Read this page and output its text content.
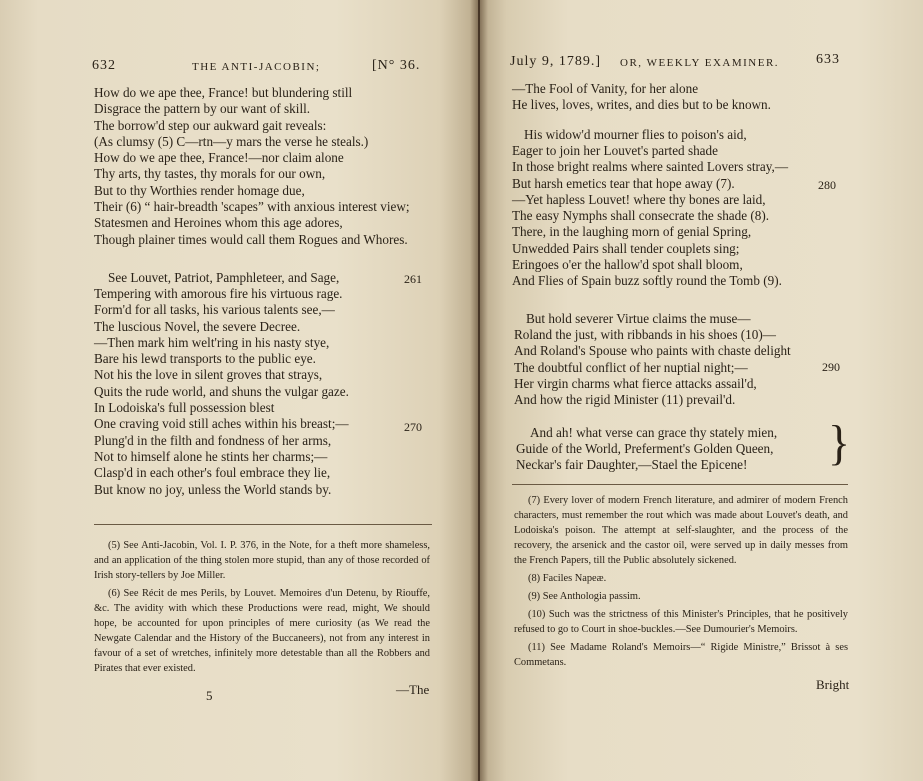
632	THE ANTI-JACOBIN;	[N° 36.
How do we ape thee, France! but blundering still
Disgrace the pattern by our want of skill.
The borrow'd step our aukward gait reveals:
(As clumsy (5) C—rtn—y mars the verse he steals.)
How do we ape thee, France!—nor claim alone
Thy arts, thy tastes, thy morals for our own,
But to thy Worthies render homage due,
Their (6) “ hair-breadth 'scapes” with anxious interest view;
Statesmen and Heroines whom this age adores,
Though plainer times would call them Rogues and Whores.
See Louvet, Patriot, Pamphleteer, and Sage,
Tempering with amorous fire his virtuous rage.
Form'd for all tasks, his various talents see,—
The luscious Novel, the severe Decree.
—Then mark him welt'ring in his nasty stye,
Bare his lewd transports to the public eye.
Not his the love in silent groves that strays,
Quits the rude world, and shuns the vulgar gaze.
In Lodoiska's full possession blest
One craving void still aches within his breast;—
Plung'd in the filth and fondness of her arms,
Not to himself alone he stints her charms;—
Clasp'd in each other's foul embrace they lie,
But know no joy, unless the World stands by.
261
270

(5) See Anti-Jacobin, Vol. I. P. 376, in the Note, for a theft more shameless, and an application of the thing stolen more stupid, than any of those recorded of Irish story-tellers by Joe Miller.

(6) See Récit de mes Perils, by Louvet. Memoires d'un Detenu, by Riouffe, &c. The avidity with which these Productions were read, might, We should hope, be accounted for upon principles of mere curiosity (as We read the Newgate Calendar and the History of the Buccaneers), not from any interest in favour of a set of wretches, infinitely more detestable than all the Robbers and Pirates that ever existed.

5	—The
July 9, 1789.] OR, WEEKLY EXAMINER.	633
—The Fool of Vanity, for her alone
He lives, loves, writes, and dies but to be known.
His widow'd mourner flies to poison's aid,
Eager to join her Louvet's parted shade
In those bright realms where sainted Lovers stray,—
But harsh emetics tear that hope away (7).
—Yet hapless Louvet! where thy bones are laid,
The easy Nymphs shall consecrate the shade (8).
There, in the laughing morn of genial Spring,
Unwedded Pairs shall tender couplets sing;
Eringoes o'er the hallow'd spot shall bloom,
And Flies of Spain buzz softly round the Tomb (9).
But hold severer Virtue claims the muse—
Roland the just, with ribbands in his shoes (10)—
And Roland's Spouse who paints with chaste delight
The doubtful conflict of her nuptial night;—
Her virgin charms what fierce attacks assail'd,
And how the rigid Minister (11) prevail'd.
And ah! what verse can grace thy stately mien,
Guide of the World, Preferment's Golden Queen,
Neckar's fair Daughter,—Stael the Epicene!	}
280
290

(7) Every lover of modern French literature, and admirer of modern French characters, must remember the rout which was made about Louvet's death, and Lodoiska's poison. The attempt at self-slaughter, and the process of the recovery, the arsenick and the castor oil, were served up in daily messes from the French Papers, till the Public absolutely sickened.

(8) Faciles Napeæ.

(9) See Anthologia passim.

(10) Such was the strictness of this Minister's Principles, that he positively refused to go to Court in shoe-buckles.—See Dumourier's Memoirs.

(11) See Madame Roland's Memoirs—“ Rigide Ministre,” Brissot à ses Commetans.

Bright
